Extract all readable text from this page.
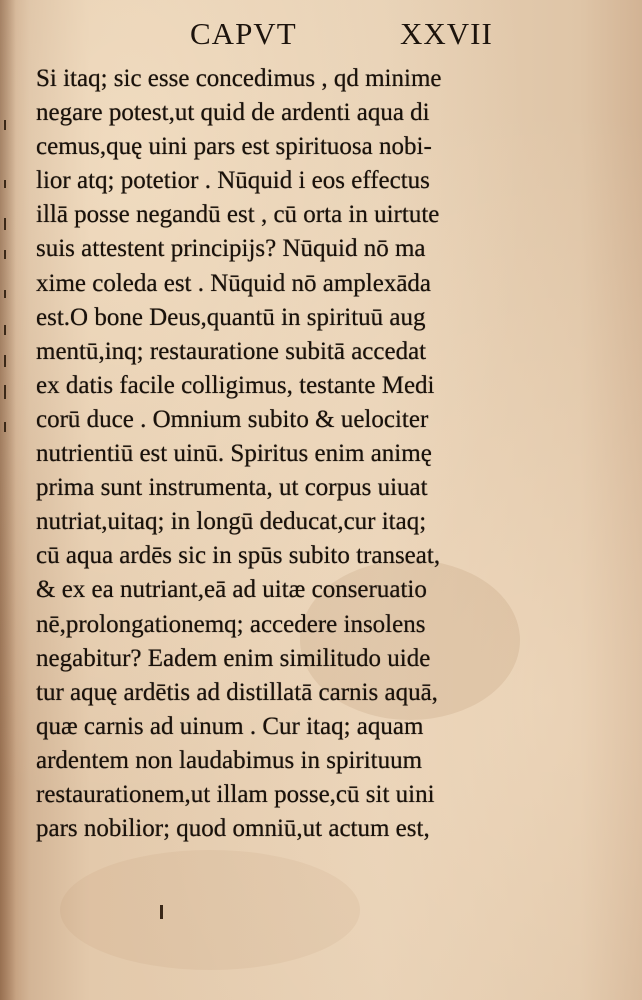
CAPVT	XXVII
Si itaq; sic esse concedimus , qd minime
negare potest,ut quid de ardenti aqua di
cemus,quę uini pars est spirituosa nobi-
lior atq; potetior . Nūquid i eos effectus
illā posse negandū est , cū orta in uirtute
suis attestent principijs? Nūquid nō ma
xime coleda est . Nūquid nō amplexāda
est.O bone Deus,quantū in spirituū aug
mentū,inq; restauratione subitā accedat
ex datis facile colligimus, testante Medi
corū duce . Omnium subito & uelociter
nutrientiū est uinū. Spiritus enim animę
prima sunt instrumenta, ut corpus uiuat
nutriat,uitaq; in longū deducat,cur itaq;
cū aqua ardēs sic in spūs subito transeat,
& ex ea nutriant,eā ad uitæ conseruatio
nē,prolongationemq; accedere insolens
negabitur? Eadem enim similitudo uide
tur aquę ardētis ad distillatā carnis aquā,
quæ carnis ad uinum . Cur itaq; aquam
ardentem non laudabimus in spirituum
restaurationem,ut illam posse,cū sit uini
pars nobilior; quod omniū,ut actum est,
